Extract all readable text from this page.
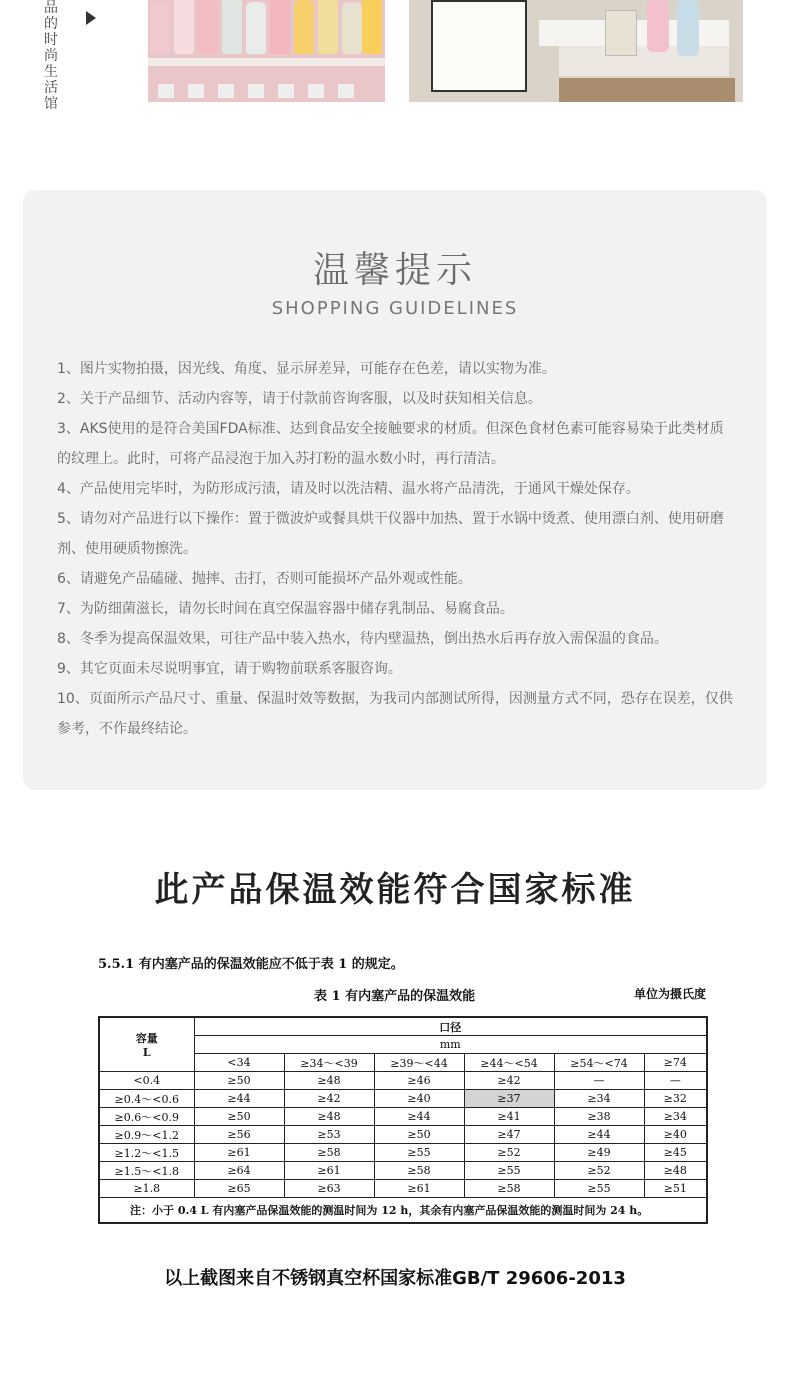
品的时尚生活馆
温馨提示
SHOPPING GUIDELINES
1、图片实物拍摄，因光线、角度、显示屏差异，可能存在色差，请以实物为准。
2、关于产品细节、活动内容等，请于付款前咨询客服，以及时获知相关信息。
3、AKS使用的是符合美国FDA标准、达到食品安全接触要求的材质。但深色食材色素可能容易染于此类材质的纹理上。此时，可将产品浸泡于加入苏打粉的温水数小时，再行清洁。
4、产品使用完毕时，为防形成污渍，请及时以洗洁精、温水将产品清洗，于通风干燥处保存。
5、请勿对产品进行以下操作：置于微波炉或餐具烘干仪器中加热、置于水锅中烫煮、使用漂白剂、使用研磨剂、使用硬质物擦洗。
6、请避免产品磕碰、抛摔、击打，否则可能损坏产品外观或性能。
7、为防细菌滋长，请勿长时间在真空保温容器中储存乳制品、易腐食品。
8、冬季为提高保温效果，可往产品中装入热水，待内壁温热，倒出热水后再存放入需保温的食品。
9、其它页面未尽说明事宜，请于购物前联系客服咨询。
10、页面所示产品尺寸、重量、保温时效等数据，为我司内部测试所得，因测量方式不同，恐存在误差，仅供参考，不作最终结论。
此产品保温效能符合国家标准
5.5.1 有内塞产品的保温效能应不低于表 1 的规定。
表 1 有内塞产品的保温效能	单位为摄氏度
容量
L	口径					

	mm					

	<34	≥34～<39	≥39～<44	≥44～<54	≥54～<74	≥74
<0.4	≥50	≥48	≥46	≥42	—	—
≥0.4～<0.6	≥44	≥42	≥40	≥37	≥34	≥32
≥0.6～<0.9	≥50	≥48	≥44	≥41	≥38	≥34
≥0.9～<1.2	≥56	≥53	≥50	≥47	≥44	≥40
≥1.2～<1.5	≥61	≥58	≥55	≥52	≥49	≥45
≥1.5～<1.8	≥64	≥61	≥58	≥55	≥52	≥48
≥1.8	≥65	≥63	≥61	≥58	≥55	≥51
注：小于 0.4 L 有内塞产品保温效能的测温时间为 12 h，其余有内塞产品保温效能的测温时间为 24 h。						
以上截图来自不锈钢真空杯国家标准GB/T 29606-2013
